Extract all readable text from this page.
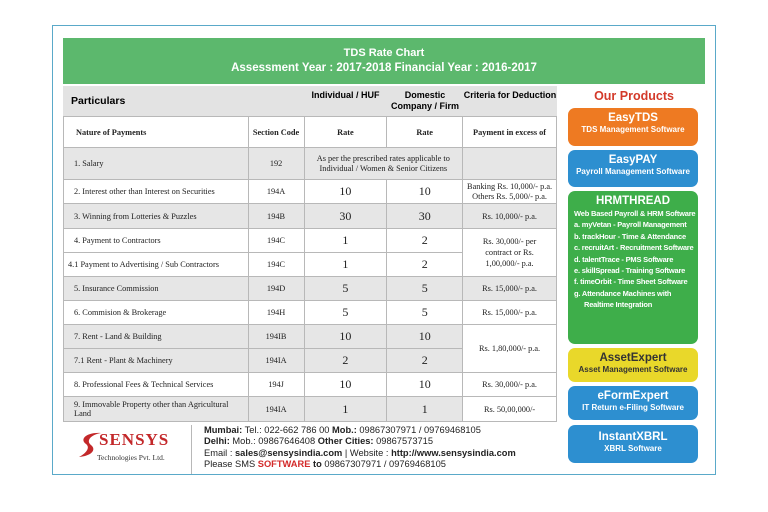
TDS Rate Chart
Assessment Year : 2017-2018 Financial Year : 2016-2017
Particulars	Individual / HUF	Domestic Company / Firm
Criteria for Deduction
Nature of Payments	Section Code	Rate	Rate	Payment in excess of
1. Salary	192	As per the prescribed rates applicable to Individual / Women & Senior Citizens		
2. Interest other than Interest on Securities	194A	10	10	Banking Rs. 10,000/- p.a. Others Rs. 5,000/- p.a.
3. Winning from Lotteries & Puzzles	194B	30	30	Rs. 10,000/- p.a.
4. Payment to Contractors	194C	1	2	Rs. 30,000/- per contract or Rs. 1,00,000/- p.a.
4.1 Payment to Advertising / Sub Contractors	194C	1	2	
5. Insurance Commission	194D	5	5	Rs. 15,000/- p.a.
6. Commision & Brokerage	194H	5	5	Rs. 15,000/- p.a.
7. Rent - Land & Building	194IB	10	10	Rs. 1,80,000/- p.a.
7.1 Rent - Plant & Machinery	194IA	2	2	
8. Professional Fees & Technical Services	194J	10	10	Rs. 30,000/- p.a.
9. Immovable Property other than Agricultural Land	194IA	1	1	Rs. 50,00,000/-
SENSYS
Technologies Pvt. Ltd.
Mumbai: Tel.: 022-662 786 00 Mob.: 09867307971 / 09769468105
Delhi: Mob.: 09867646408 Other Cities: 09867573715
Email : sales@sensysindia.com | Website : http://www.sensysindia.com
Please SMS SOFTWARE to 09867307971 / 09769468105
Our Products
EasyTDS
TDS Management Software
EasyPAY
Payroll Management Software
HRMTHREAD
Web Based Payroll & HRM Software
a. myVetan - Payroll Management
b. trackHour - Time & Attendance
c. recruitArt - Recruitment Software
d. talentTrace - PMS Software
e. skillSpread - Training Software
f. timeOrbit - Time Sheet Software
g. Attendance Machines with
Realtime Integration
AssetExpert
Asset Management Software
eFormExpert
IT Return e-Filing Software
InstantXBRL
XBRL Software
